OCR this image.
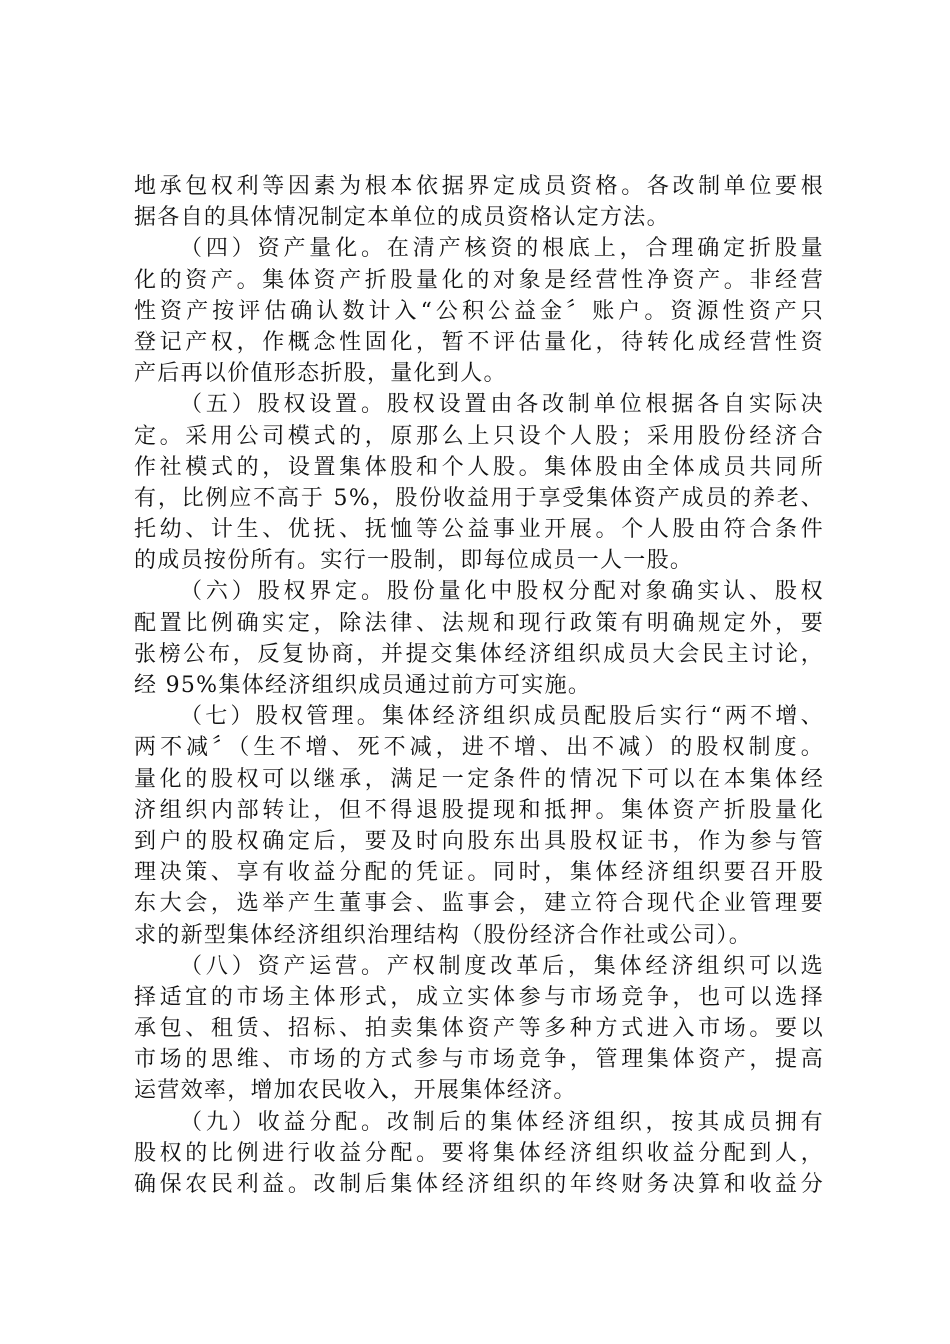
地承包权利等因素为根本依据界定成员资格。各改制单位要根
据各自的具体情况制定本单位的成员资格认定方法。
（四）资产量化。在清产核资的根底上，合理确定折股量
化的资产。集体资产折股量化的对象是经营性净资产。非经营
性资产按评估确认数计入“公积公益金〞账户。资源性资产只
登记产权，作概念性固化，暂不评估量化，待转化成经营性资
产后再以价值形态折股，量化到人。
（五）股权设置。股权设置由各改制单位根据各自实际决
定。采用公司模式的，原那么上只设个人股；采用股份经济合
作社模式的，设置集体股和个人股。集体股由全体成员共同所
有，比例应不高于 5%，股份收益用于享受集体资产成员的养老、
托幼、计生、优抚、抚恤等公益事业开展。个人股由符合条件
的成员按份所有。实行一股制，即每位成员一人一股。
（六）股权界定。股份量化中股权分配对象确实认、股权
配置比例确实定，除法律、法规和现行政策有明确规定外，要
张榜公布，反复协商，并提交集体经济组织成员大会民主讨论，
经 95%集体经济组织成员通过前方可实施。
（七）股权管理。集体经济组织成员配股后实行“两不增、
两不减〞（生不增、死不减，进不增、出不减）的股权制度。
量化的股权可以继承，满足一定条件的情况下可以在本集体经
济组织内部转让，但不得退股提现和抵押。集体资产折股量化
到户的股权确定后，要及时向股东出具股权证书，作为参与管
理决策、享有收益分配的凭证。同时，集体经济组织要召开股
东大会，选举产生董事会、监事会，建立符合现代企业管理要
求的新型集体经济组织治理结构（股份经济合作社或公司）。
（八）资产运营。产权制度改革后，集体经济组织可以选
择适宜的市场主体形式，成立实体参与市场竞争，也可以选择
承包、租赁、招标、拍卖集体资产等多种方式进入市场。要以
市场的思维、市场的方式参与市场竞争，管理集体资产，提高
运营效率，增加农民收入，开展集体经济。
（九）收益分配。改制后的集体经济组织，按其成员拥有
股权的比例进行收益分配。要将集体经济组织收益分配到人，
确保农民利益。改制后集体经济组织的年终财务决算和收益分
